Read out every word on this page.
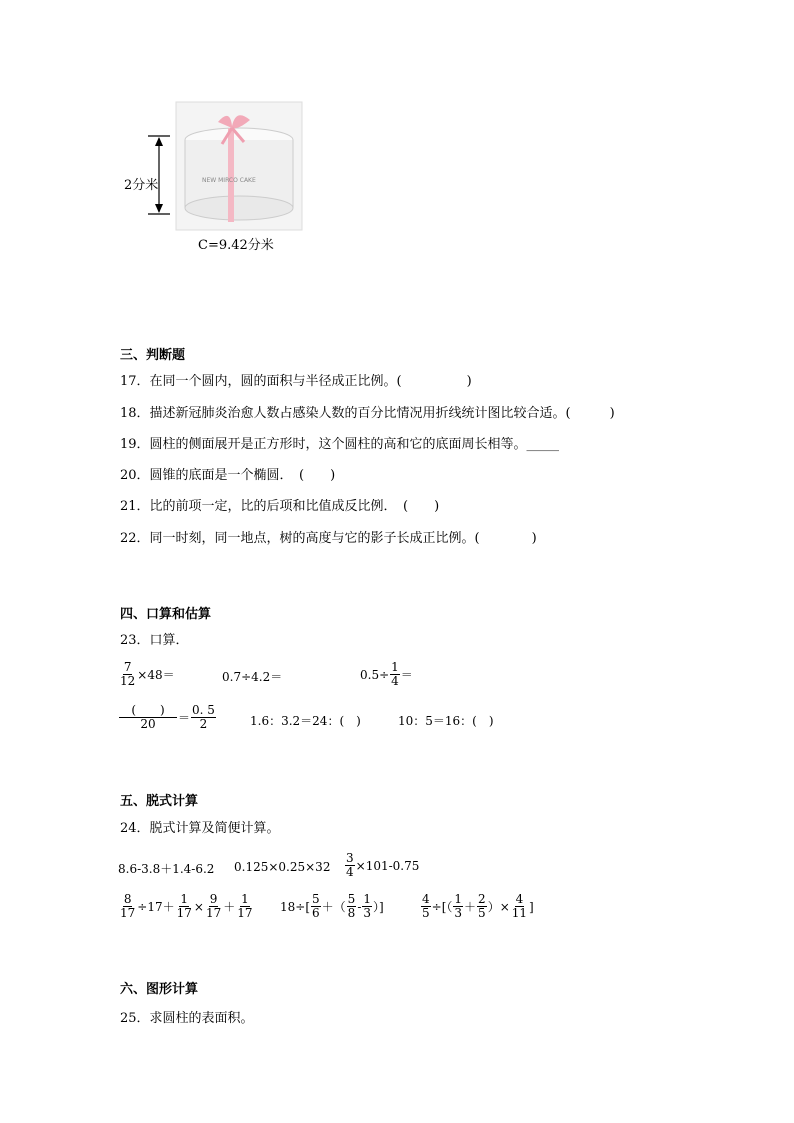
NEW MIRCO CAKE
2分米
C=9.42分米
三、判断题
17．在同一个圆内，圆的面积与半径成正比例。(　　　　　)
18．描述新冠肺炎治愈人数占感染人数的百分比情况用折线统计图比较合适。(　　　)
19．圆柱的侧面展开是正方形时，这个圆柱的高和它的底面周长相等。_____
20．圆锥的底面是一个椭圆．　(　　)
21．比的前项一定，比的后项和比值成反比例．　(　　)
22．同一时刻，同一地点，树的高度与它的影子长成正比例。(　　　　)
四、口算和估算
23．口算．
$\frac{7}{12} \times 48=$	0.7÷4.2＝	$0.5\div \frac{1}{4}$ ＝
$\frac{( )}{20} = \frac{0. 5}{2}$	1.6：3.2＝24：(　)	10：5＝16：(　)
五、脱式计算
24．脱式计算及简便计算。
8.6-3.8＋1.4-6.2 $0.125\times 0.25\times 32 \frac{3}{4} \times 101-0.75$
$\frac{8}{17} \div 17+ \frac{1}{17} \times \frac{9}{17} + \frac{1}{17} 18\div[ \frac{5}{6}$ ＋（ $\frac{5}{8} - \frac{1}{3}$ ）]	$\frac{4}{5}$ ÷[（ $\frac{1}{3} + \frac{2}{5}$ ）× $\frac{4}{11}$ ]
六、图形计算
25．求圆柱的表面积。
